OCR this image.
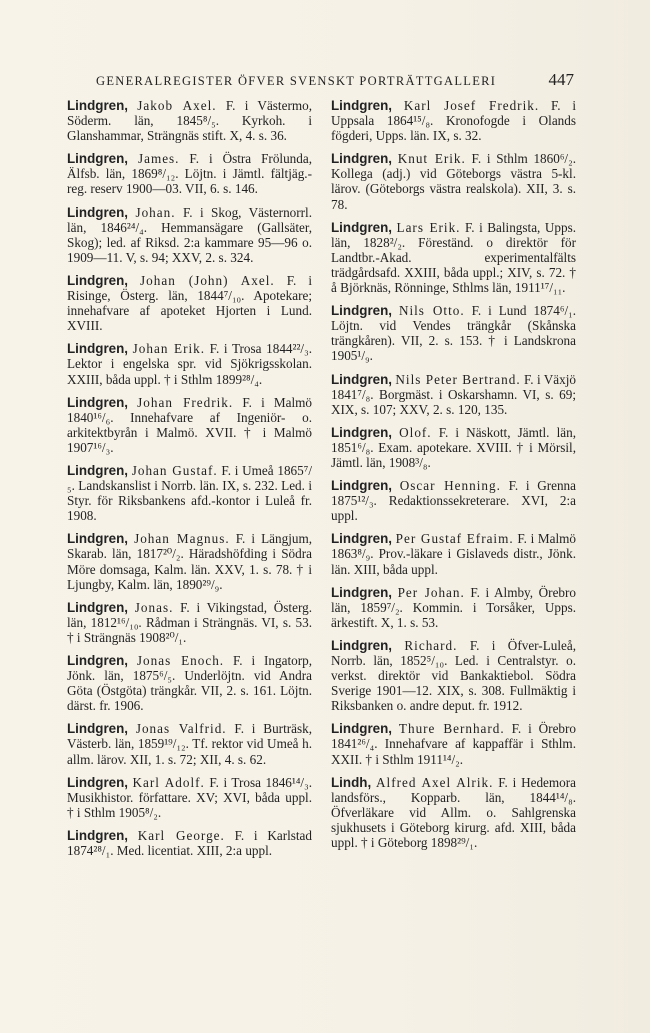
GENERALREGISTER ÖFVER SVENSKT PORTRÄTTGALLERI	447

Lindgren, Jakob Axel. F. i Västermo, Söderm. län, 1845⁸/₅. Kyrkoh. i Glanshammar, Strängnäs stift. X, 4. s. 36.

Lindgren, James. F. i Östra Frölunda, Älfsb. län, 1869⁸/₁₂. Löjtn. i Jämtl. fältjäg.-reg. reserv 1900—03. VII, 6. s. 146.

Lindgren, Johan. F. i Skog, Västernorrl. län, 1846²⁴/₄. Hemmansägare (Gallsäter, Skog); led. af Riksd. 2:a kammare 95—96 o. 1909—11. V, s. 94; XXV, 2. s. 324.

Lindgren, Johan (John) Axel. F. i Risinge, Österg. län, 1844⁷/₁₀. Apotekare; innehafvare af apoteket Hjorten i Lund. XVIII.

Lindgren, Johan Erik. F. i Trosa 1844²²/₃. Lektor i engelska spr. vid Sjökrigsskolan. XXIII, båda uppl. † i Sthlm 1899²⁸/₄.

Lindgren, Johan Fredrik. F. i Malmö 1840¹⁶/₆. Innehafvare af Ingeniör- o. arkitektbyrån i Malmö. XVII. † i Malmö 1907¹⁶/₃.

Lindgren, Johan Gustaf. F. i Umeå 1865⁷/₅. Landskanslist i Norrb. län. IX, s. 232. Led. i Styr. för Riksbankens afd.-kontor i Luleå fr. 1908.

Lindgren, Johan Magnus. F. i Längjum, Skarab. län, 1817²⁰/₂. Häradshöfding i Södra Möre domsaga, Kalm. län. XXV, 1. s. 78. † i Ljungby, Kalm. län, 1890²⁹/₉.

Lindgren, Jonas. F. i Vikingstad, Österg. län, 1812¹⁶/₁₀. Rådman i Strängnäs. VI, s. 53. † i Strängnäs 1908²⁰/₁.

Lindgren, Jonas Enoch. F. i Ingatorp, Jönk. län, 1875⁶/₅. Underlöjtn. vid Andra Göta (Östgöta) trängkår. VII, 2. s. 161. Löjtn. därst. fr. 1906.

Lindgren, Jonas Valfrid. F. i Burträsk, Västerb. län, 1859¹⁹/₁₂. Tf. rektor vid Umeå h. allm. lärov. XII, 1. s. 72; XII, 4. s. 62.

Lindgren, Karl Adolf. F. i Trosa 1846¹⁴/₃. Musikhistor. författare. XV; XVI, båda uppl. † i Sthlm 1905⁸/₂.

Lindgren, Karl George. F. i Karlstad 1874²⁸/₁. Med. licentiat. XIII, 2:a uppl.

Lindgren, Karl Josef Fredrik. F. i Uppsala 1864¹⁵/₈. Kronofogde i Olands fögderi, Upps. län. IX, s. 32.

Lindgren, Knut Erik. F. i Sthlm 1860⁶/₂. Kollega (adj.) vid Göteborgs västra 5-kl. lärov. (Göteborgs västra realskola). XII, 3. s. 78.

Lindgren, Lars Erik. F. i Balingsta, Upps. län, 1828²/₂. Föreständ. o direktör för Landtbr.-Akad. experimentalfälts trädgårdsafd. XXIII, båda uppl.; XIV, s. 72. † å Björknäs, Rönninge, Sthlms län, 1911¹⁷/₁₁.

Lindgren, Nils Otto. F. i Lund 1874⁶/₁. Löjtn. vid Vendes trängkår (Skånska trängkåren). VII, 2. s. 153. † i Landskrona 1905¹/₉.

Lindgren, Nils Peter Bertrand. F. i Växjö 1841⁷/₈. Borgmäst. i Oskarshamn. VI, s. 69; XIX, s. 107; XXV, 2. s. 120, 135.

Lindgren, Olof. F. i Näskott, Jämtl. län, 1851⁶/₈. Exam. apotekare. XVIII. † i Mörsil, Jämtl. län, 1908³/₈.

Lindgren, Oscar Henning. F. i Grenna 1875¹²/₃. Redaktionssekreterare. XVI, 2:a uppl.

Lindgren, Per Gustaf Efraim. F. i Malmö 1863⁸/₉. Prov.-läkare i Gislaveds distr., Jönk. län. XIII, båda uppl.

Lindgren, Per Johan. F. i Almby, Örebro län, 1859⁷/₂. Kommin. i Torsåker, Upps. ärkestift. X, 1. s. 53.

Lindgren, Richard. F. i Öfver-Luleå, Norrb. län, 1852⁵/₁₀. Led. i Centralstyr. o. verkst. direktör vid Bankaktiebol. Södra Sverige 1901—12. XIX, s. 308. Fullmäktig i Riksbanken o. andre deput. fr. 1912.

Lindgren, Thure Bernhard. F. i Örebro 1841²⁶/₄. Innehafvare af kappaffär i Sthlm. XXII. † i Sthlm 1911¹⁴/₂.

Lindh, Alfred Axel Alrik. F. i Hedemora landsförs., Kopparb. län, 1844¹⁴/₈. Öfverläkare vid Allm. o. Sahlgrenska sjukhusets i Göteborg kirurg. afd. XIII, båda uppl. † i Göteborg 1898²⁹/₁.
